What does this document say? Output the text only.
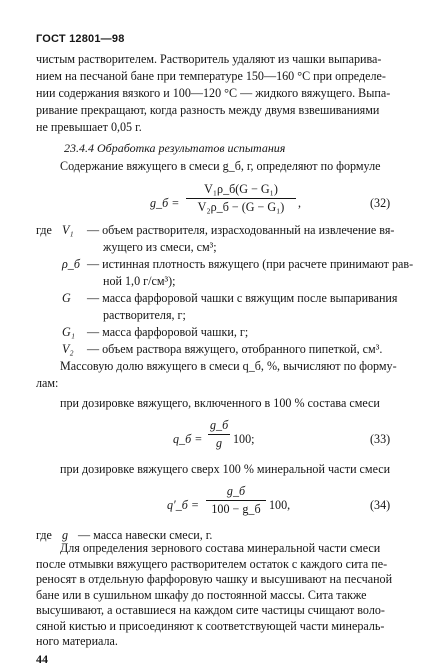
ГОСТ 12801—98
чистым растворителем. Растворитель удаляют из чашки выпарива-
нием на песчаной бане при температуре 150—160 °С при определе-
нии содержания вязкого и 100—120 °С — жидкого вяжущего. Выпа-
ривание прекращают, когда разность между двумя взвешиваниями
не превышает 0,05 г.
23.4.4 Обработка результатов испытания
Содержание вяжущего в смеси g_б, г, определяют по формуле
g_б =
V₁ρ_б(G − G₁)
V₂ρ_б − (G − G₁)	,	(32)
где V₁	— объем растворителя, израсходованный на извлечение вя-
жущего из смеси, см³;
ρ_б — истинная плотность вяжущего (при расчете принимают рав-
ной 1,0 г/см³);
G	— масса фарфоровой чашки с вяжущим после выпаривания
растворителя, г;
G₁ — масса фарфоровой чашки, г;
V₂	— объем раствора вяжущего, отобранного пипеткой, см³.
Массовую долю вяжущего в смеси q_б, %, вычисляют по форму-
лам:
при дозировке вяжущего, включенного в 100 % состава смеси
q_б =
g_б
g 100;	(33)
при дозировке вяжущего сверх 100 % минеральной части смеси
q′_б =
g_б
100 − g_б 100,	(34)
где g — масса навески смеси, г.
Для определения зернового состава минеральной части смеси
после отмывки вяжущего растворителем остаток с каждого сита пе-
реносят в отдельную фарфоровую чашку и высушивают на песчаной
бане или в сушильном шкафу до постоянной массы. Сита также
высушивают, а оставшиеся на каждом сите частицы счищают воло-
сяной кистью и присоединяют к соответствующей части минераль-
ного материала.
44
